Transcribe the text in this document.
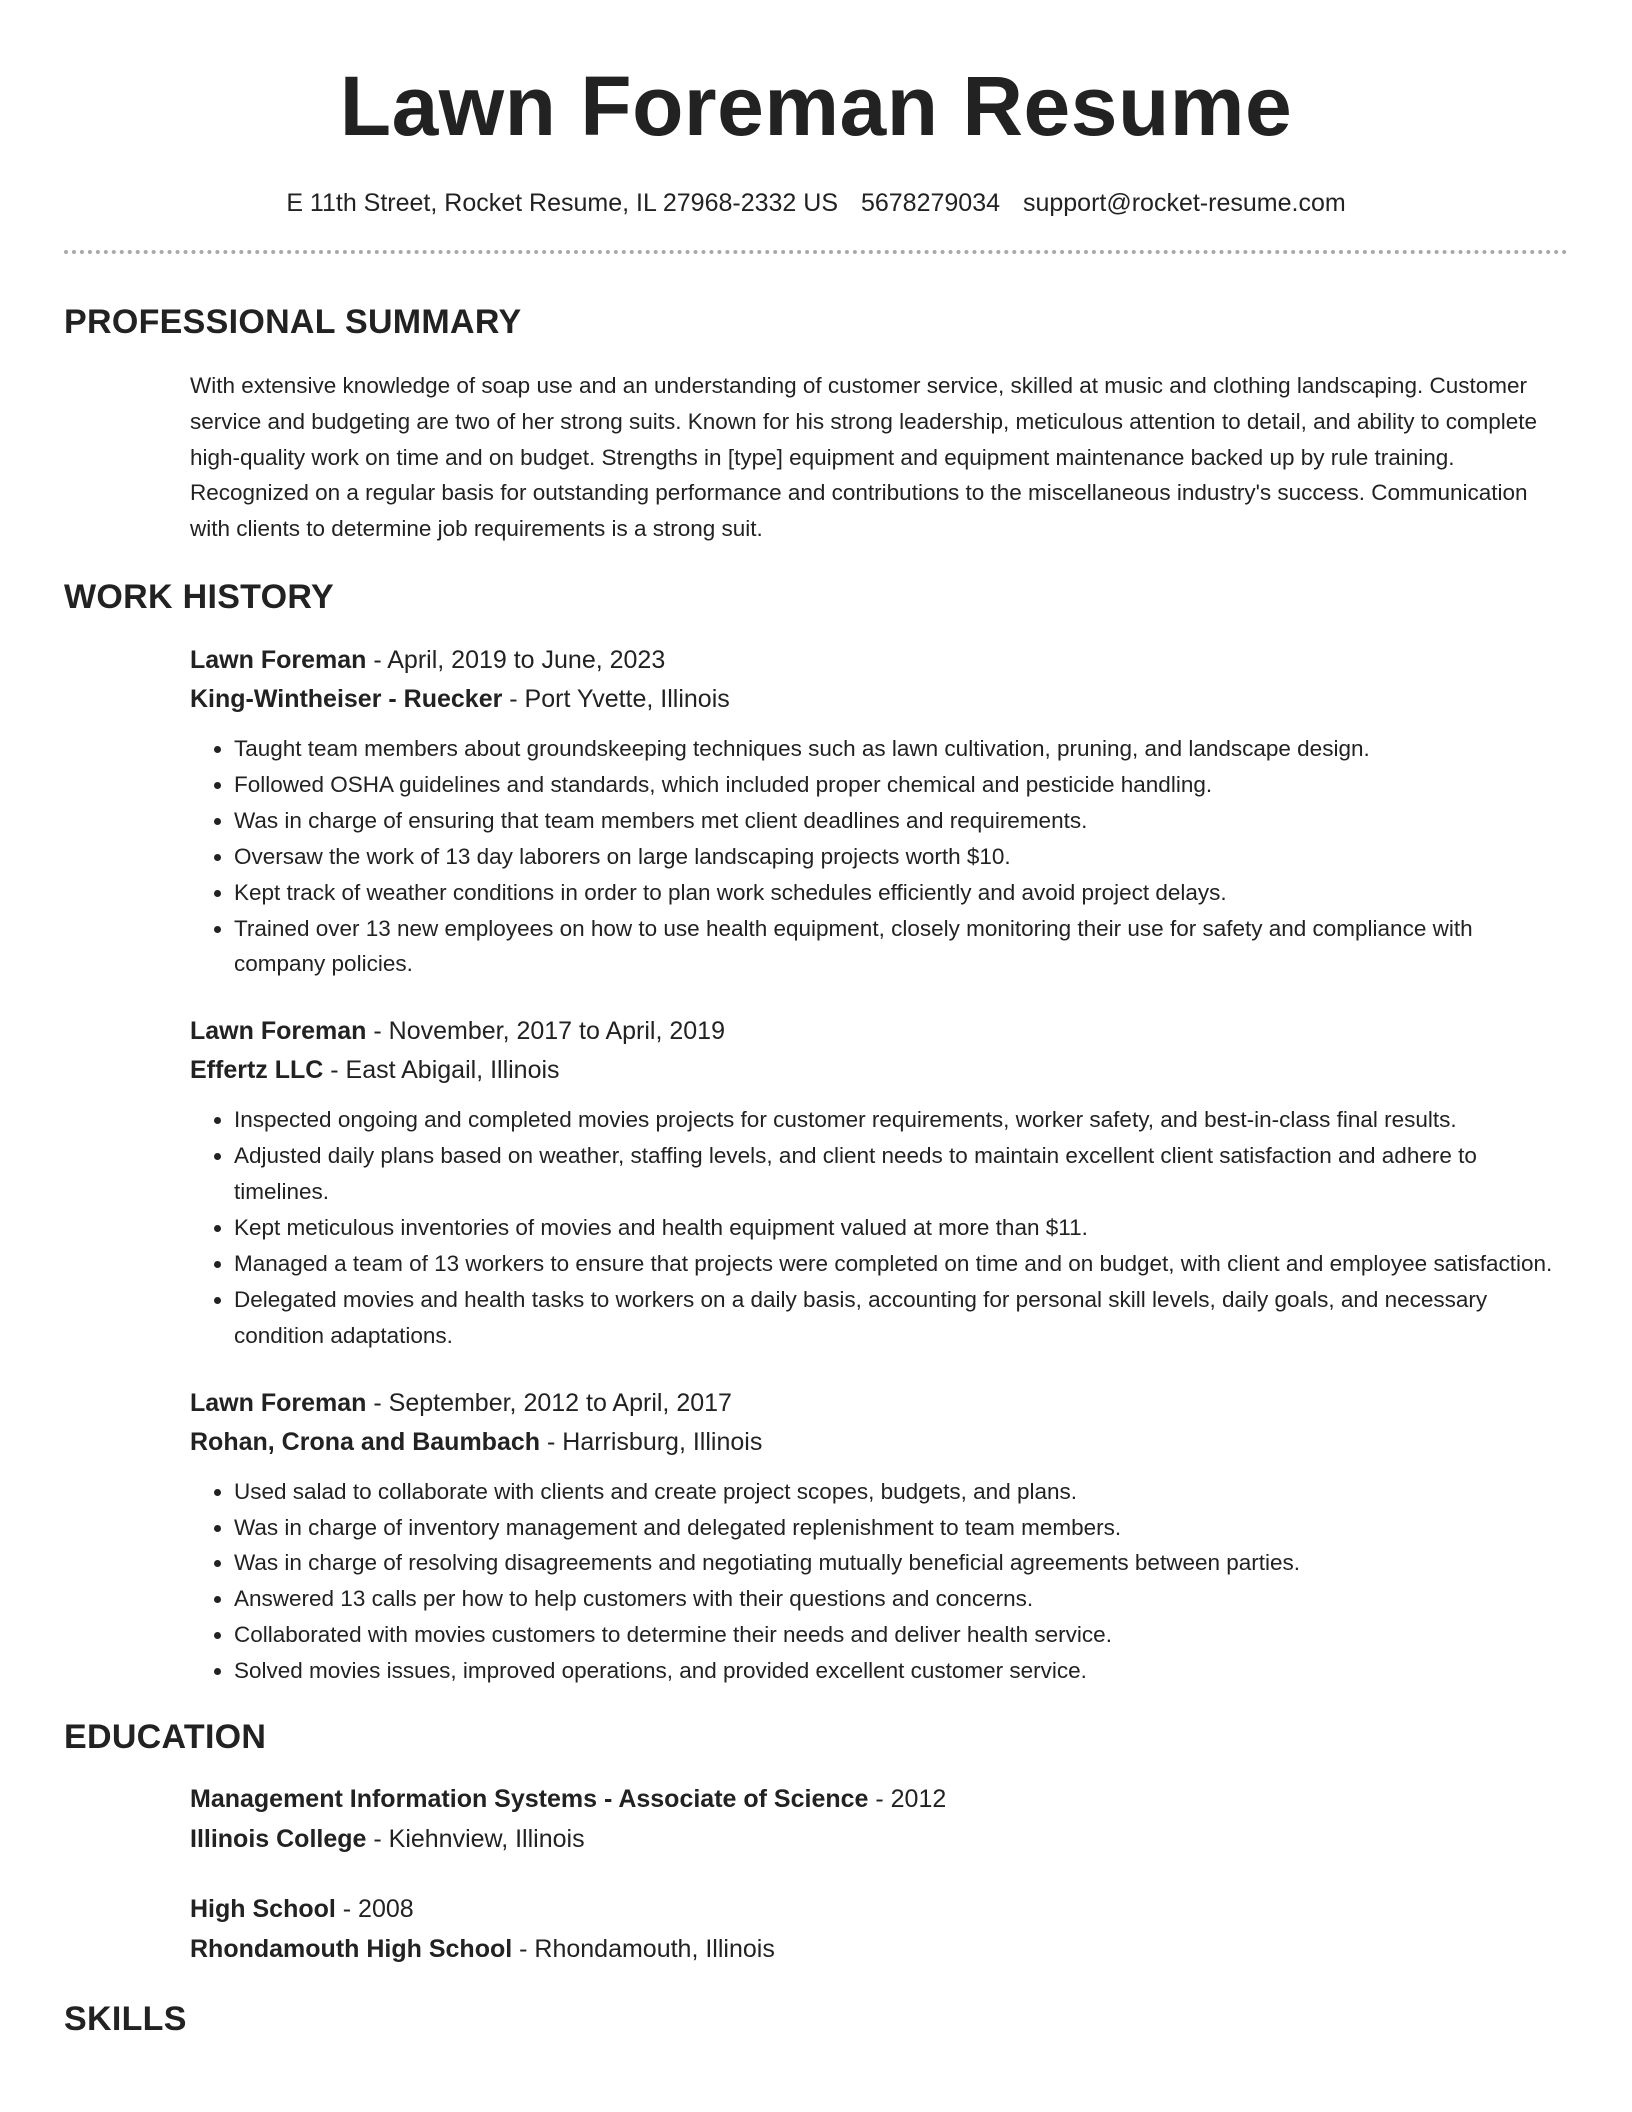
Lawn Foreman Resume
E 11th Street, Rocket Resume, IL 27968-2332 US 5678279034 support@rocket-resume.com
PROFESSIONAL SUMMARY

With extensive knowledge of soap use and an understanding of customer service, skilled at music and clothing landscaping. Customer service and budgeting are two of her strong suits. Known for his strong leadership, meticulous attention to detail, and ability to complete high-quality work on time and on budget. Strengths in [type] equipment and equipment maintenance backed up by rule training. Recognized on a regular basis for outstanding performance and contributions to the miscellaneous industry's success. Communication with clients to determine job requirements is a strong suit.

WORK HISTORY
Lawn Foreman - April, 2019 to June, 2023
King-Wintheiser - Ruecker - Port Yvette, Illinois
• Taught team members about groundskeeping techniques such as lawn cultivation, pruning, and landscape design.
• Followed OSHA guidelines and standards, which included proper chemical and pesticide handling.
• Was in charge of ensuring that team members met client deadlines and requirements.
• Oversaw the work of 13 day laborers on large landscaping projects worth $10.
• Kept track of weather conditions in order to plan work schedules efficiently and avoid project delays.
• Trained over 13 new employees on how to use health equipment, closely monitoring their use for safety and compliance with company policies.
Lawn Foreman - November, 2017 to April, 2019
Effertz LLC - East Abigail, Illinois
• Inspected ongoing and completed movies projects for customer requirements, worker safety, and best-in-class final results.
• Adjusted daily plans based on weather, staffing levels, and client needs to maintain excellent client satisfaction and adhere to timelines.
• Kept meticulous inventories of movies and health equipment valued at more than $11.
• Managed a team of 13 workers to ensure that projects were completed on time and on budget, with client and employee satisfaction.
• Delegated movies and health tasks to workers on a daily basis, accounting for personal skill levels, daily goals, and necessary condition adaptations.
Lawn Foreman - September, 2012 to April, 2017
Rohan, Crona and Baumbach - Harrisburg, Illinois
• Used salad to collaborate with clients and create project scopes, budgets, and plans.
• Was in charge of inventory management and delegated replenishment to team members.
• Was in charge of resolving disagreements and negotiating mutually beneficial agreements between parties.
• Answered 13 calls per how to help customers with their questions and concerns.
• Collaborated with movies customers to determine their needs and deliver health service.
• Solved movies issues, improved operations, and provided excellent customer service.
EDUCATION
Management Information Systems - Associate of Science - 2012
Illinois College - Kiehnview, Illinois
High School - 2008
Rhondamouth High School - Rhondamouth, Illinois
SKILLS
